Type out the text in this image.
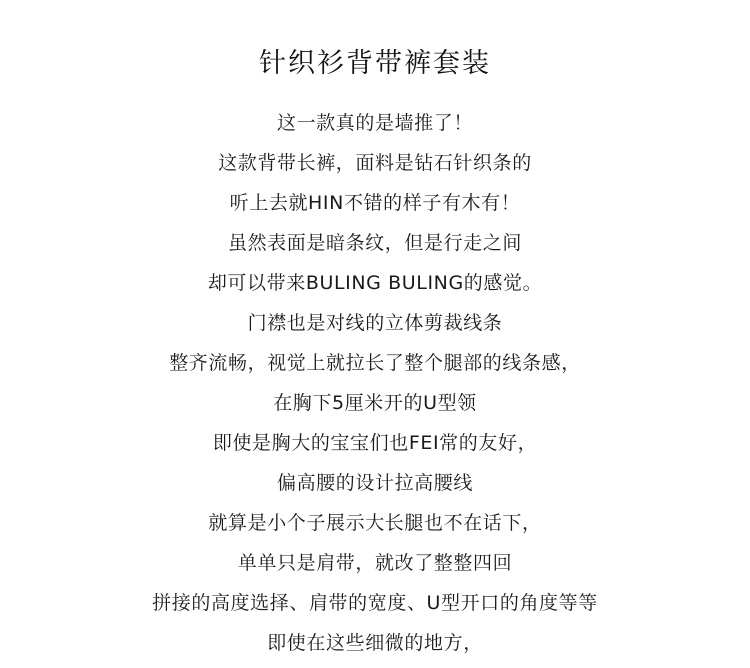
针织衫背带裤套装
这一款真的是墙推了！
这款背带长裤，面料是钻石针织条的
听上去就HIN不错的样子有木有！
虽然表面是暗条纹，但是行走之间
却可以带来BULING BULING的感觉。
门襟也是对线的立体剪裁线条
整齐流畅，视觉上就拉长了整个腿部的线条感，
在胸下5厘米开的U型领
即使是胸大的宝宝们也FEI常的友好，
偏高腰的设计拉高腰线
就算是小个子展示大长腿也不在话下，
单单只是肩带，就改了整整四回
拼接的高度选择、肩带的宽度、U型开口的角度等等
即使在这些细微的地方，
